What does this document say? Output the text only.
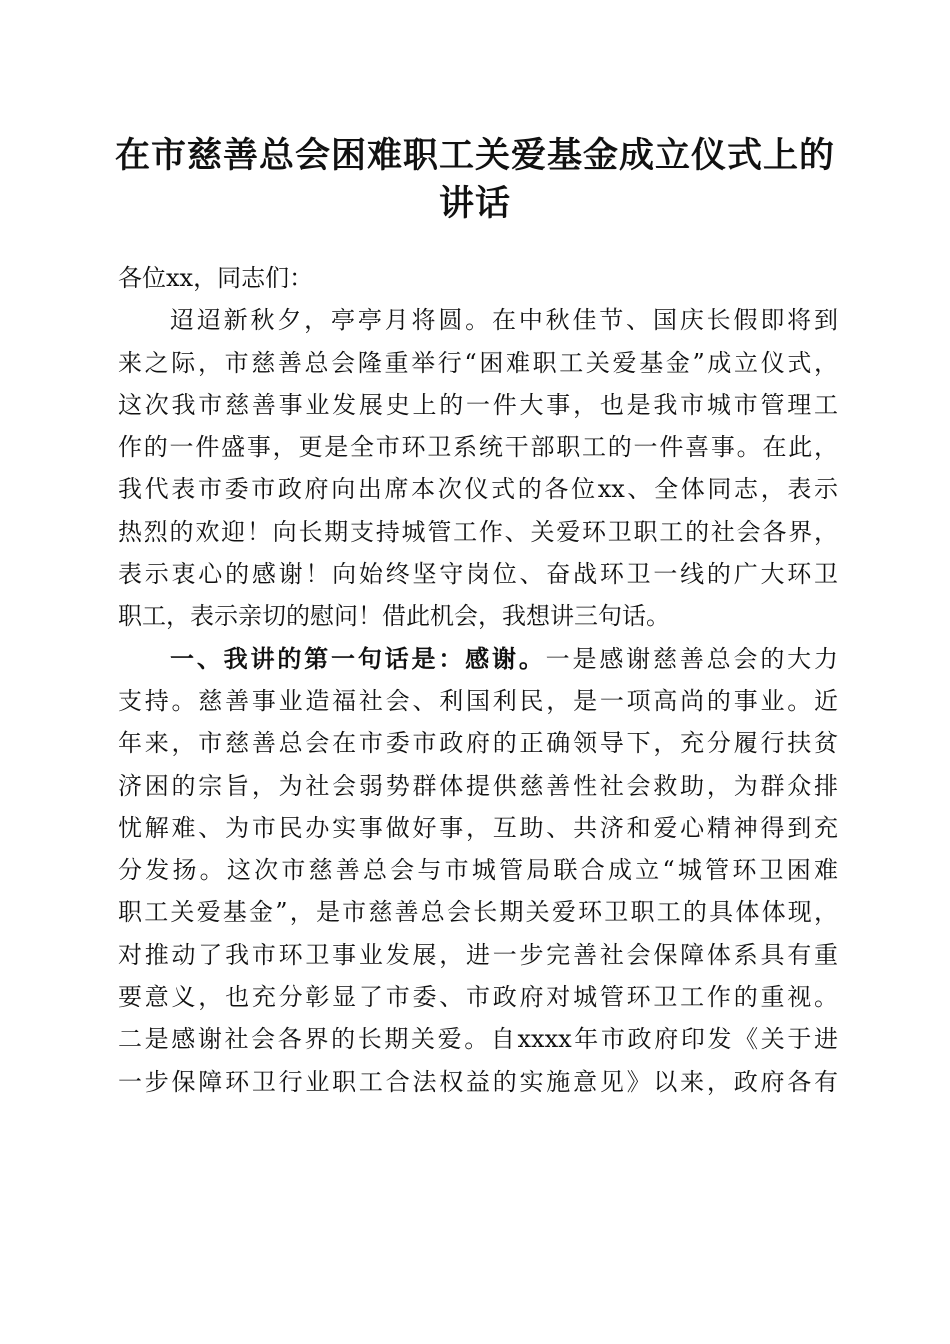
在市慈善总会困难职工关爱基金成立仪式上的
讲话
各位xx，同志们：
迢迢新秋夕，亭亭月将圆。在中秋佳节、国庆长假即将到
来之际，市慈善总会隆重举行“困难职工关爱基金”成立仪式，
这次我市慈善事业发展史上的一件大事，也是我市城市管理工
作的一件盛事，更是全市环卫系统干部职工的一件喜事。在此，
我代表市委市政府向出席本次仪式的各位xx、全体同志，表示
热烈的欢迎！向长期支持城管工作、关爱环卫职工的社会各界，
表示衷心的感谢！向始终坚守岗位、奋战环卫一线的广大环卫
职工，表示亲切的慰问！借此机会，我想讲三句话。
一、我讲的第一句话是：感谢。一是感谢慈善总会的大力
支持。慈善事业造福社会、利国利民，是一项高尚的事业。近
年来，市慈善总会在市委市政府的正确领导下，充分履行扶贫
济困的宗旨，为社会弱势群体提供慈善性社会救助，为群众排
忧解难、为市民办实事做好事，互助、共济和爱心精神得到充
分发扬。这次市慈善总会与市城管局联合成立“城管环卫困难
职工关爱基金”，是市慈善总会长期关爱环卫职工的具体体现，
对推动了我市环卫事业发展，进一步完善社会保障体系具有重
要意义，也充分彰显了市委、市政府对城管环卫工作的重视。
二是感谢社会各界的长期关爱。自xxxx年市政府印发《关于进
一步保障环卫行业职工合法权益的实施意见》以来，政府各有
